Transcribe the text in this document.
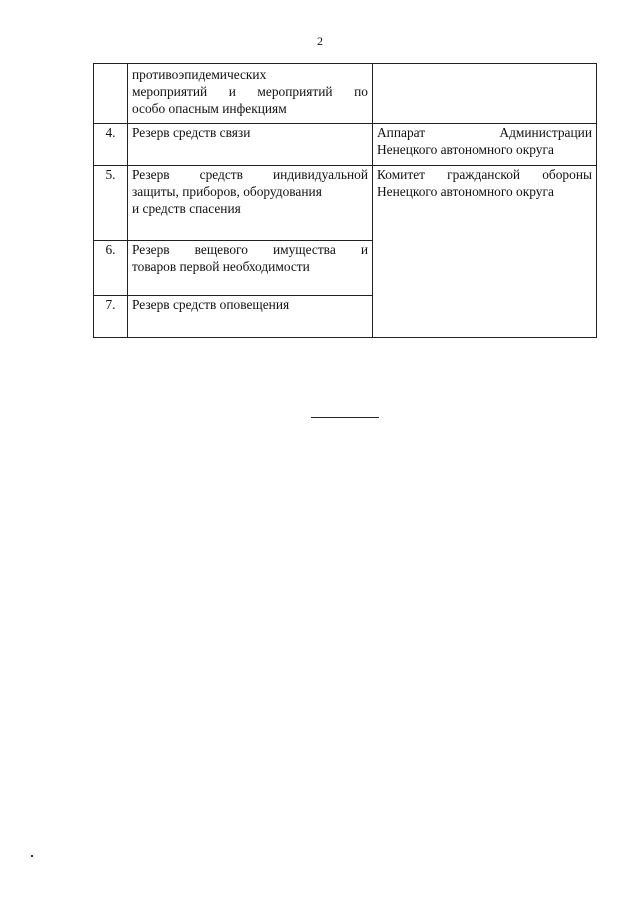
2
	противоэпидемических

мероприятий и мероприятий по
особо опасным инфекциям	
4.	Резерв средств связи	Аппарат Администрации
Ненецкого автономного округа
5.	Резерв средств индивидуальной
защиты, приборов, оборудования
и средств спасения	Комитет гражданской обороны
Ненецкого автономного округа
6.	Резерв вещевого имущества и
товаров первой необходимости	
7.	Резерв средств оповещения	
